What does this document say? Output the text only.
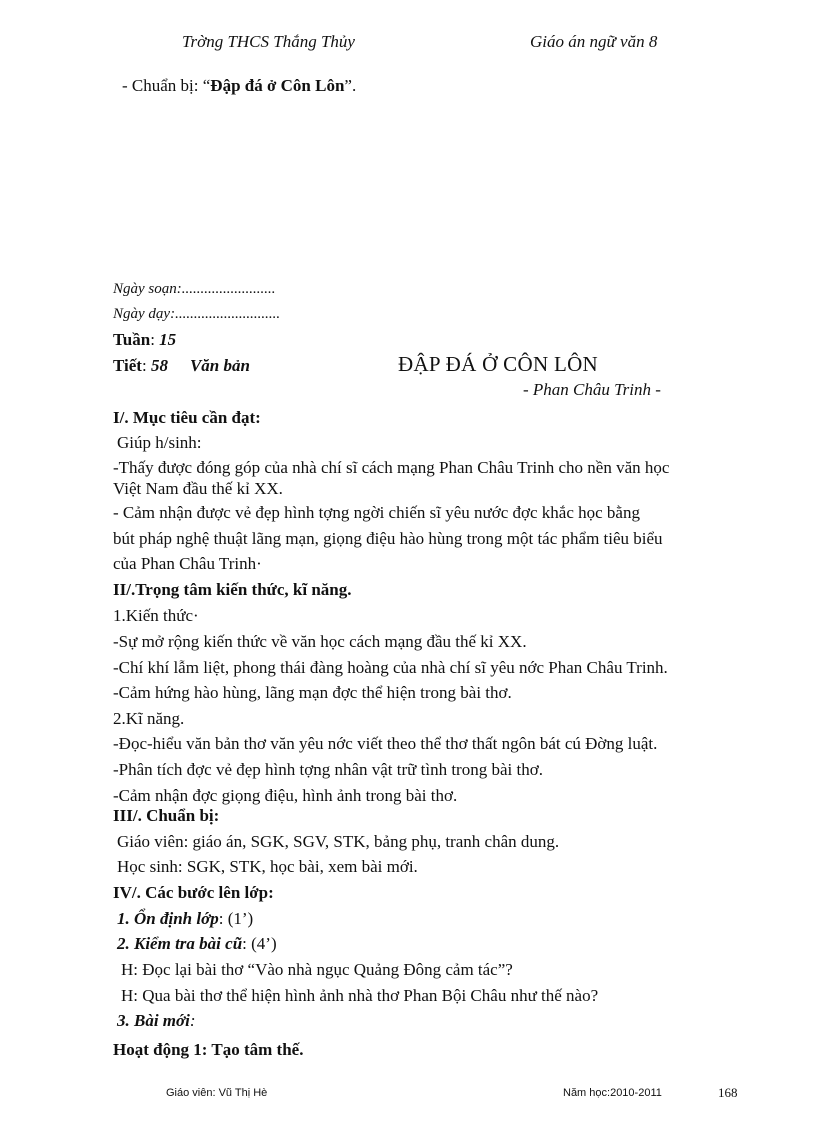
Trờng THCS Thắng Thủy	Giáo án ngữ văn 8
- Chuẩn bị: “Đập đá ở Côn Lôn”.
Ngày soạn:.........................
Ngày dạy:............................
Tuần: 15
Tiết: 58 Văn bản	ĐẬP ĐÁ Ở CÔN LÔN
- Phan Châu Trinh -
I/. Mục tiêu cần đạt:
Giúp h/sinh:
-Thấy được đóng góp của nhà chí sĩ cách mạng Phan Châu Trinh cho nền văn học
Việt Nam đầu thế kỉ XX.
- Cảm nhận được vẻ đẹp hình tợng ngời chiến sĩ yêu nước đợc khắc học bằng
bút pháp nghệ thuật lãng mạn, giọng điệu hào hùng trong một tác phẩm tiêu biểu
của Phan Châu Trinh·
II/.Trọng tâm kiến thức, kĩ năng.
1.Kiến thức·
-Sự mở rộng kiến thức về văn học cách mạng đầu thế kỉ XX.
-Chí khí lẫm liệt, phong thái đàng hoàng của nhà chí sĩ yêu nớc Phan Châu Trinh.
-Cảm hứng hào hùng, lãng mạn đợc thể hiện trong bài thơ.
2.Kĩ năng.
-Đọc-hiểu văn bản thơ văn yêu nớc viết theo thể thơ thất ngôn bát cú Đờng luật.
-Phân tích đợc vẻ đẹp hình tợng nhân vật trữ tình trong bài thơ.
-Cảm nhận đợc giọng điệu, hình ảnh trong bài thơ.
III/. Chuẩn bị:
Giáo viên: giáo án, SGK, SGV, STK, bảng phụ, tranh chân dung.
Học sinh: SGK, STK, học bài, xem bài mới.
IV/. Các bước lên lớp:
1. Ổn định lớp: (1’)
2. Kiểm tra bài cũ: (4’)
H: Đọc lại bài thơ “Vào nhà ngục Quảng Đông cảm tác”?
H: Qua bài thơ thể hiện hình ảnh nhà thơ Phan Bội Châu như thế nào?
3. Bài mới:
Hoạt động 1: Tạo tâm thế.
Giáo viên: Vũ Thị Hè	Năm học:2010-2011	168
